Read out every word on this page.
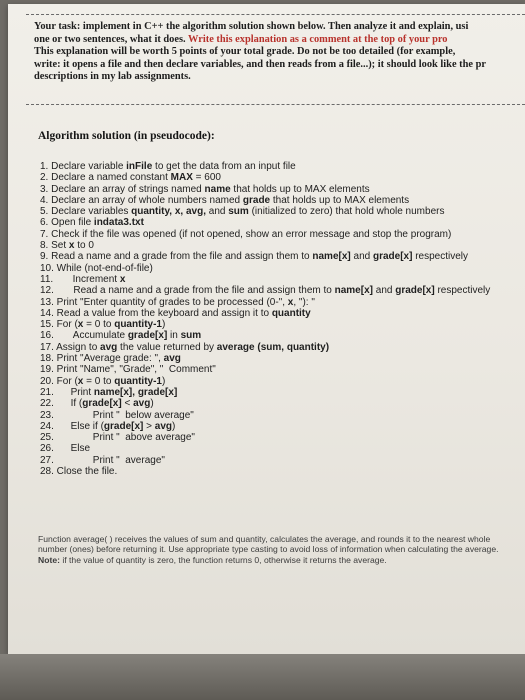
Your task: implement in C++ the algorithm solution shown below. Then analyze it and explain, usi
one or two sentences, what it does. Write this explanation as a comment at the top of your pro
This explanation will be worth 5 points of your total grade. Do not be too detailed (for example,
write: it opens a file and then declare variables, and then reads from a file...); it should look like the pr
descriptions in my lab assignments.
Algorithm solution (in pseudocode):
1. Declare variable inFile to get the data from an input file
2. Declare a named constant MAX = 600
3. Declare an array of strings named name that holds up to MAX elements
4. Declare an array of whole numbers named grade that holds up to MAX elements
5. Declare variables quantity, x, avg, and sum (initialized to zero) that hold whole numbers
6. Open file indata3.txt
7. Check if the file was opened (if not opened, show an error message and stop the program)
8. Set x to 0
9. Read a name and a grade from the file and assign them to name[x] and grade[x] respectively
10. While (not-end-of-file)
11.       Increment x
12.       Read a name and a grade from the file and assign them to name[x] and grade[x] respectively
13. Print "Enter quantity of grades to be processed (0-", x, "): "
14. Read a value from the keyboard and assign it to quantity
15. For (x = 0 to quantity-1)
16.       Accumulate grade[x] in sum
17. Assign to avg the value returned by average (sum, quantity)
18. Print "Average grade: ", avg
19. Print "Name", "Grade", "  Comment"
20. For (x = 0 to quantity-1)
21.      Print name[x], grade[x]
22.      If (grade[x] < avg)
23.              Print "  below average"
24.      Else if (grade[x] > avg)
25.              Print "  above average"
26.      Else
27.              Print "  average"
28. Close the file.

Function average( ) receives the values of sum and quantity, calculates the average, and rounds it to the nearest whole number (ones) before returning it. Use appropriate type casting to avoid loss of information when calculating the average.

Note: if the value of quantity is zero, the function returns 0, otherwise it returns the average.
